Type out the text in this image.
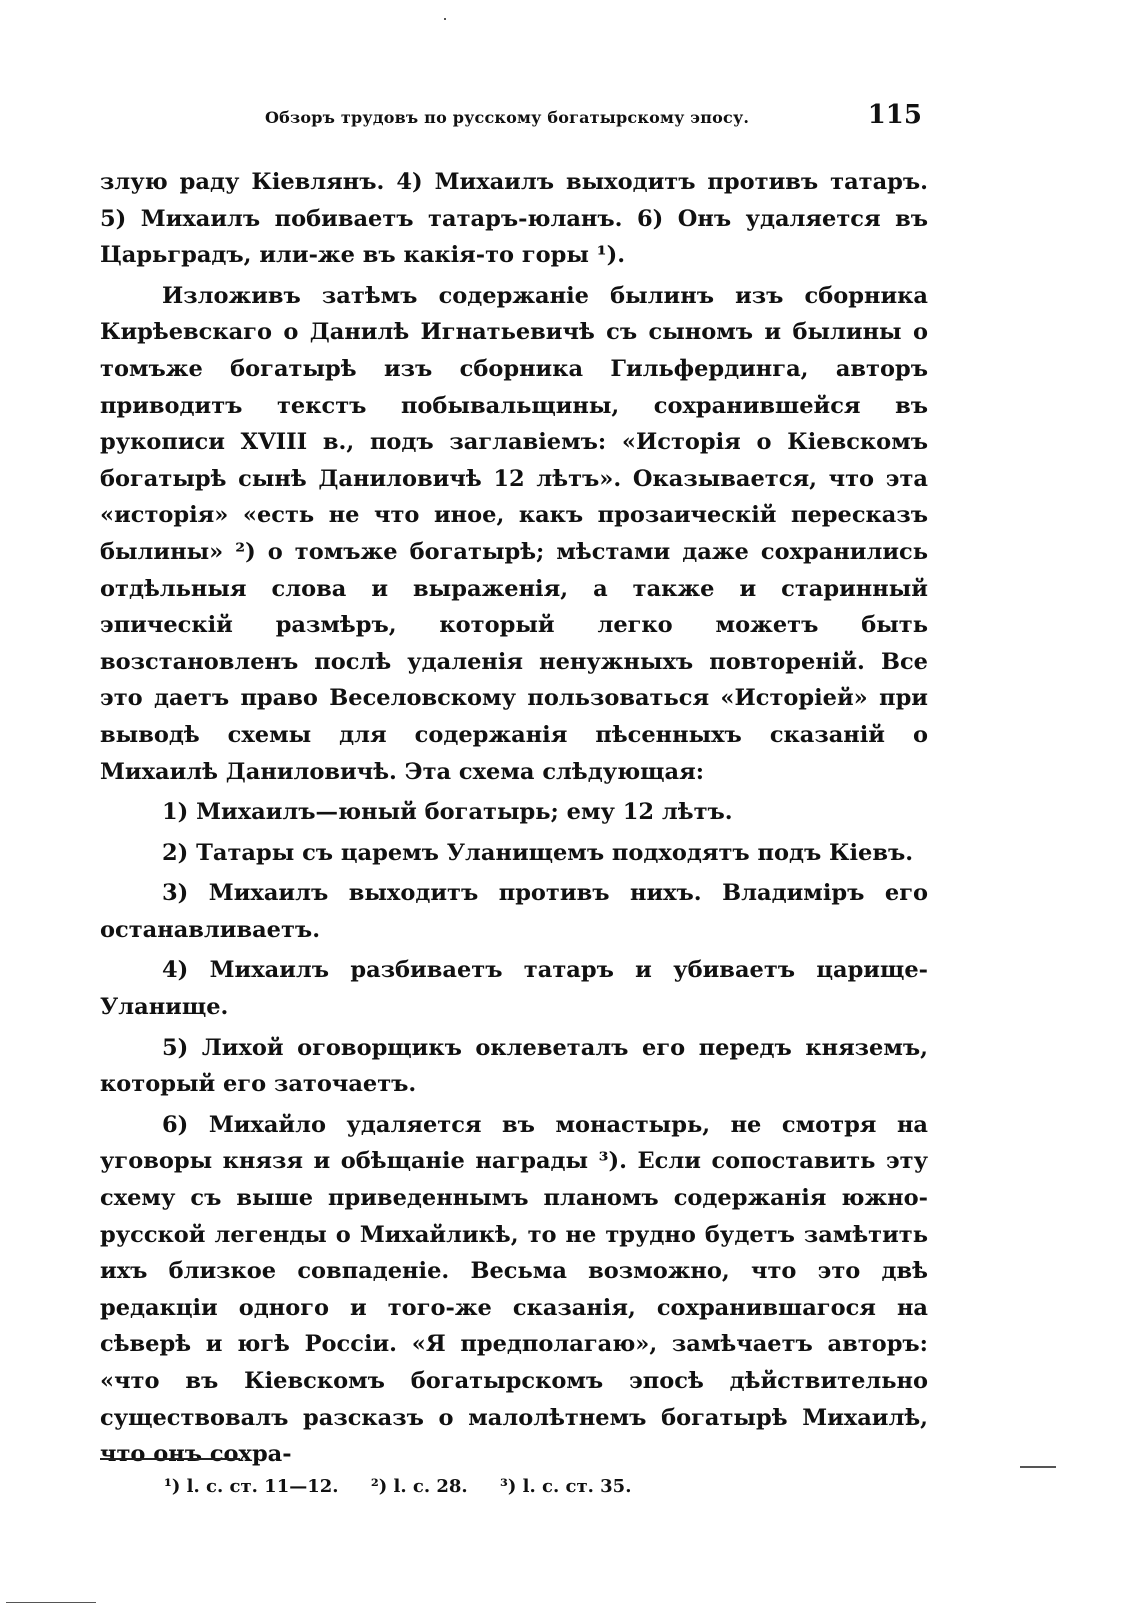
Обзоръ трудовъ по русскому богатырскому эпосу.	115

злую раду Кіевлянъ. 4) Михаилъ выходитъ противъ татаръ. 5) Михаилъ побиваетъ татаръ-юланъ. 6) Онъ удаляется въ Царьградъ, или-же въ какія-то горы ¹).

Изложивъ затѣмъ содержаніе былинъ изъ сборника Кирѣевскаго о Данилѣ Игнатьевичѣ съ сыномъ и былины о томъже богатырѣ изъ сборника Гильфердинга, авторъ приводитъ текстъ побывальщины, сохранившейся въ рукописи XVIII в., подъ заглавіемъ: «Исторія о Кіевскомъ богатырѣ сынѣ Даниловичѣ 12 лѣтъ». Оказывается, что эта «исторія» «есть не что иное, какъ прозаическій пересказъ былины» ²) о томъже богатырѣ; мѣстами даже сохранились отдѣльныя слова и выраженія, а также и старинный эпическій размѣръ, который легко можетъ быть возстановленъ послѣ удаленія ненужныхъ повтореній. Все это даетъ право Веселовскому пользоваться «Исторіей» при выводѣ схемы для содержанія пѣсенныхъ сказаній о Михаилѣ Даниловичѣ. Эта схема слѣдующая:

1) Михаилъ—юный богатырь; ему 12 лѣтъ.

2) Татары съ царемъ Уланищемъ подходятъ подъ Кіевъ.

3) Михаилъ выходитъ противъ нихъ. Владиміръ его останавливаетъ.

4) Михаилъ разбиваетъ татаръ и убиваетъ царище-Уланище.

5) Лихой оговорщикъ оклеветалъ его передъ княземъ, который его заточаетъ.

6) Михайло удаляется въ монастырь, не смотря на уговоры князя и обѣщаніе награды ³). Если сопоставить эту схему съ выше приведеннымъ планомъ содержанія южно-русской легенды о Михайликѣ, то не трудно будетъ замѣтить ихъ близкое совпаденіе. Весьма возможно, что это двѣ редакціи одного и того-же сказанія, сохранившагося на сѣверѣ и югѣ Россіи. «Я предполагаю», замѣчаетъ авторъ: «что въ Кіевскомъ богатырскомъ эпосѣ дѣйствительно существовалъ разсказъ о малолѣтнемъ богатырѣ Михаилѣ, что онъ сохра-

¹) l. c. ст. 11—12. ²) l. c. 28. ³) l. c. ст. 35.
